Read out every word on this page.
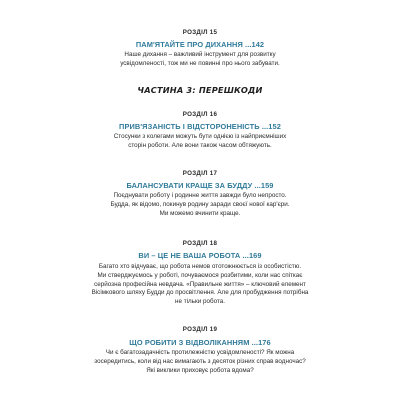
РОЗДІЛ 15
ПАМ'ЯТАЙТЕ ПРО ДИХАННЯ ...142
Наше дихання – важливий інструмент для розвитку
усвідомленості, тож ми не повинні про нього забувати.
ЧАСТИНА 3: ПЕРЕШКОДИ
РОЗДІЛ 16
ПРИВ'ЯЗАНІСТЬ І ВІДСТОРОНЕНІСТЬ ...152
Стосунки з колегами можуть бути однією із найприємніших
сторін роботи. Але вони також часом обтяжують.
РОЗДІЛ 17
БАЛАНСУВАТИ КРАЩЕ ЗА БУДДУ ...159
Поєднувати роботу і родинне життя завжди було непросто.
Будда, як відомо, покинув родину заради своєї нової кар'єри.
Ми можемо вчинити краще.
РОЗДІЛ 18
ВИ – ЦЕ НЕ ВАША РОБОТА ...169
Багато хто відчуває, що робота немов ототожнюється із особистістю.
Ми стверджуємось у роботі, почуваємося розбитими, коли нас спіткає
серйозна професійна невдача. «Правильне життя» – ключовий елемент
Вісімкового шляху Будди до просвітлення. Але для пробудження потрібна
не тільки робота.
РОЗДІЛ 19
ЩО РОБИТИ З ВІДВОЛІКАННЯМ ...176
Чи є багатозадачність протилежністю усвідомленості? Як можна
зосередитись, коли від нас вимагають з десяток різних справ водночас?
Які виклики приховує робота вдома?
